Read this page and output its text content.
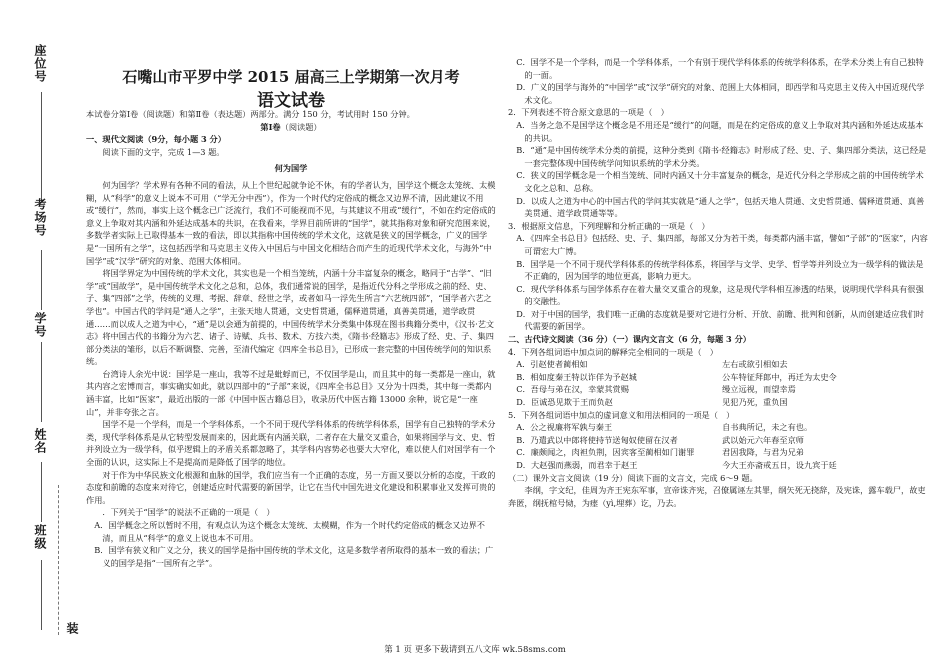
座位号
考场号
学号
姓名
班级
装
石嘴山市平罗中学 2015 届高三上学期第一次月考
语文试卷

本试卷分第Ⅰ卷（阅读题）和第Ⅱ卷（表达题）两部分。满分 150 分，考试用时 150 分钟。

第Ⅰ卷（阅读题）

一、现代文阅读（9分，每小题 3 分）

阅读下面的文字，完成 1—3 题。

何为国学

何为国学？学术界有各种不同的看法，从上个世纪起就争论不休，有的学者认为，国学这个概念太笼统、太模糊，从“科学”的意义上说本不可用（“学无分中西”），作为一个时代约定俗成的概念又边界不清，因此建议不用或“缓行”，然而，事实上这个概念已广泛流行，我们不可能视而不见，与其建议不用或“缓行”，不如在约定俗成的意义上争取对其内涵和外延达成基本的共识，在我看来，学界目前所讲的“国学”，就其指称对象和研究范围来说，多数学者实际上已取得基本一致的看法，即以其指称中国传统的学术文化，这就是狭义的国学概念，广义的国学是“一国所有之学”，这包括西学和马克思主义传入中国后与中国文化相结合而产生的近现代学术文化，与海外“中国学”或“汉学”研究的对象、范围大体相同。

将国学界定为中国传统的学术文化，其实也是一个相当笼统，内涵十分丰富复杂的概念，略同于“古学”、“旧学”或“国故学”，是中国传统学术文化之总和，总体，我们通常说的国学，是指近代分科之学形成之前的经、史、子、集“四部”之学，传统的义理、考据、辞章、经世之学，或者如马一浮先生所言“六艺统四部”，“国学者六艺之学也”。中国古代的学问是“通人之学”，主张天地人贯通，文史哲贯通，儒释道贯通，真善美贯通，道学政贯通……而以成人之道为中心，“通”是以会通为前提的，中国传统学术分类集中体现在图书典籍分类中，《汉书·艺文志》将中国古代的书籍分为六艺、诸子、诗赋、兵书、数术、方技六类，《隋书·经籍志》形成了经、史、子、集四部分类法的雏形，以后不断调整、完善，至清代编定《四库全书总目》，已形成一套完整的中国传统学问的知识系统。

台湾诗人余光中说：国学是一座山，我等不过是蚍蜉而已，不仅国学是山，而且其中的每一类都是一座山，就其内容之宏博而言，事实确实如此，就以四部中的“子部”来说，《四库全书总目》又分为十四类，其中每一类都内涵丰富，比如“医家”，最近出版的一部《中国中医古籍总目》，收录历代中医古籍 13000 余种，说它是“一座山”，并非夸张之言。

国学不是一个学科，而是一个学科体系，一个不同于现代学科体系的传统学科体系，国学有自己独特的学术分类，现代学科体系是从它转型发展而来的，因此既有内涵关联，二者存在大量交叉重合，如果将国学与文、史、哲并列设立为一级学科，似乎逻辑上的矛盾关系都忽略了，其学科内容势必也要大大窄化，难以使人们对国学有一个全面的认识，这实际上不是提高而是降低了国学的地位。

对于作为中华民族文化根源和血脉的国学，我们应当有一个正确的态度，另一方面又要以分析的态度，干政的态度和前瞻的态度来对待它，创建适应时代需要的新国学，让它在当代中国先进文化建设和积累事业又发挥可贵的作用。

．下列关于“国学”的说法不正确的一项是（　）

A．国学概念之所以暂时不用，有观点认为这个概念太笼统、太模糊，作为一个时代约定俗成的概念又边界不清，而且从“科学”的意义上说也本不可用。

B．国学有狭义和广义之分，狭义的国学是指中国传统的学术文化，这是多数学者所取得的基本一致的看法；广义的国学是指“一国所有之学”。

C．国学不是一个学科，而是一个学科体系，一个有别于现代学科体系的传统学科体系，在学术分类上有自己独特的一面。

D．广义的国学与海外的“中国学”或“汉学”研究的对象、范围上大体相同，即西学和马克思主义传入中国近现代学术文化。

2．下列表述不符合原文意思的一项是（　）

A．当务之急不是国学这个概念是不用还是“缓行”的问题，而是在约定俗成的意义上争取对其内涵和外延达成基本的共识。

B．“通”是中国传统学术分类的前提，这种分类到《隋书·经籍志》时形成了经、史、子、集四部分类法，这已经是一套完整体现中国传统学问知识系统的学术分类。

C．狭义的国学概念是一个相当笼统、同时内涵又十分丰富复杂的概念，是近代分科之学形成之前的中国传统学术文化之总和、总称。

D．以成人之道为中心的中国古代的学问其实就是“通人之学”，包括天地人贯通、文史哲贯通、儒释道贯通、真善美贯通、道学政贯通等等。

3．根据原文信息，下列理解和分析正确的一项是（　）

A．《四库全书总目》包括经、史、子、集四部，每部又分为若干类，每类都内涵丰富，譬如“子部”的“医家”，内容可谓宏大广博。

B．国学是一个不同于现代学科体系的传统学科体系，将国学与文学、史学、哲学等并列设立为一级学科的做法是不正确的，因为国学的地位更高，影响力更大。

C．现代学科体系与国学体系存在着大量交叉重合的现象，这是现代学科相互渗透的结果，说明现代学科具有很强的交融性。

D．对于中国的国学，我们唯一正确的态度就是要对它进行分析、开放、前瞻、批判和创新，从而创建适应我们时代需要的新国学。

二、古代诗文阅读（36 分）（一）课内文言文（6 分，每题 3 分）

4．下列各组词语中加点词的解释完全相同的一项是（　）

A．引赵使者蔺相如	左右或欲引相如去
B．相如度秦王特以诈佯为予赵城	公车特征拜郎中，再迁为太史令
C．吾母与弟在汉，幸蒙其赏赐	缦立远视，而望幸焉
D．臣诚恐见欺于王而负赵	见犯乃死，重负国

5．下列各组词语中加点的虚词意义和用法相同的一项是（　）

A．公之视廉将军孰与秦王	自书典所记，未之有也。
B．乃遣武以中郎将使持节送匈奴使留在汉者	武以始元六年春至京师
C．廉颇闻之，肉袒负荆，因宾客至蔺相如门谢罪	君因我降，与君为兄弟
D．大赵强而燕弱，而君幸于赵王	今大王亦斋戒五日，设九宾于廷

（二）课外文言文阅读（19 分）阅读下面的文言文，完成 6～9 题。

李纲，字文纪，佳周为齐王宪东军事，宣帝诛齐宪，召僚属诬左其罪，纲矢死无挠辞，及宪诛，露车载尸，故吏奔匿，纲抚棺号恸，为瘗（yì,埋葬）讫，乃去。

第 1 页 更多下载请到五八文库 wk.58sms.com
